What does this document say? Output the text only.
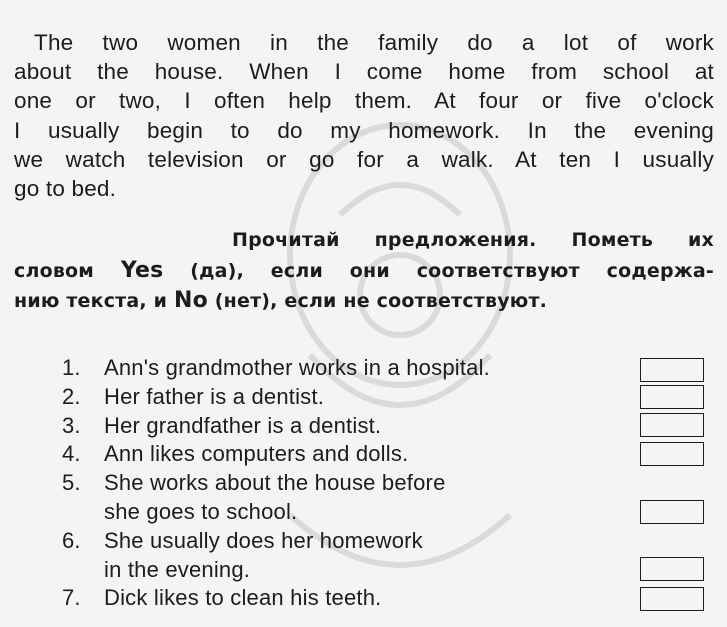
The two women in the family do a lot of work
about the house. When I come home from school at
one or two, I often help them. At four or five o'clock
I usually begin to do my homework. In the evening
we watch television or go for a walk. At ten I usually
go to bed.
Прочитай предложения. Пометь их
словом Yes (да), если они соответствуют содержа-
нию текста, и No (нет), если не соответствуют.
1.	Ann's grandmother works in a hospital.
2.	Her father is a dentist.
3.	Her grandfather is a dentist.
4.	Ann likes computers and dolls.
5.	She works about the house before
she goes to school.
6.	She usually does her homework
in the evening.
7.	Dick likes to clean his teeth.
